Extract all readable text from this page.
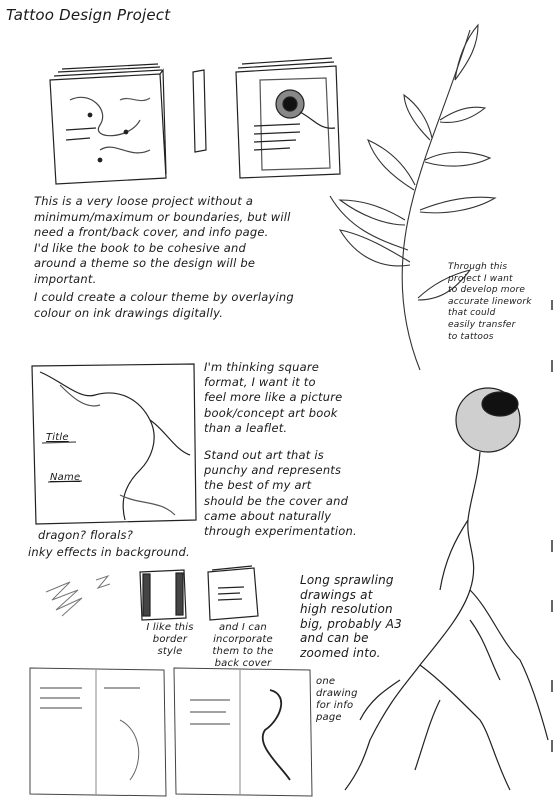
Tattoo Design Project
This is a very loose project without a
minimum/maximum or boundaries, but will
need a front/back cover, and info page.
I'd like the book to be cohesive and
around a theme so the design will be
important.
I could create a colour theme by overlaying
colour on ink drawings digitally.
Through this
project I want
to develop more
accurate linework
that could
easily transfer
to tattoos
I'm thinking square
format, I want it to
feel more like a picture
book/concept art book
than a leaflet.
Stand out art that is
punchy and represents
the best of my art
should be the cover and
came about naturally
through experimentation.
dragon? florals?
inky effects in background.
I like this
border
style
and I can
incorporate
them to the
back cover
Long sprawling
drawings at
high resolution
big, probably A3
and can be
zoomed into.
one
drawing
for info
page
Title
Name
